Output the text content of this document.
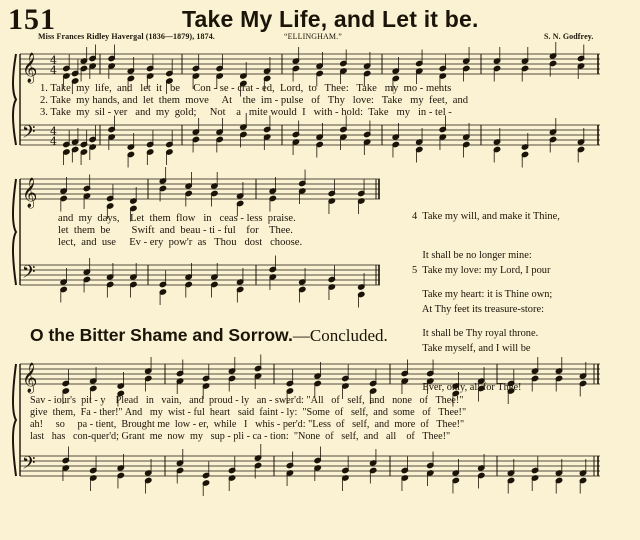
𝄞
𝄢
4
4
4
4
𝄞
𝄢
𝄞
𝄢
151	Take My Life, and Let it be.
Miss Frances Ridley Havergal (1836—1879), 1874.	“ELLINGHAM.”	S. N. Godfrey.
1. Take  my  life,  and   let  it   be     Con - se - crat - ed,  Lord,  to   Thee:   Take   my  mo - ments
2. Take  my hands, and  let  them  move     At    the  im - pulse   of   Thy   love:   Take   my  feet,  and
3. Take  my  sil - ver   and  my  gold;     Not    a   mite would  I   with - hold:  Take   my   in - tel -
and  my  days,    Let  them  flow   in   ceas - less  praise.
let  them  be        Swift  and  beau - ti - ful    for    Thee.
lect,  and  use     Ev - ery  pow'r  as   Thou   dost   choose.

4  Take my will, and make it Thine,

It shall be no longer mine:

Take my heart: it is Thine own;

It shall be Thy royal throne.

5  Take my love: my Lord, I pour

At Thy feet its treasure-store:

Take myself, and I will be

Ever, only, all for Thee!

O the Bitter Shame and Sorrow.—Concluded.
Sav - iour's  pit - y    Plead   in   vain,   and  proud - ly   an - swer'd: "All   of   self,  and   none   of   Thee!"
give  them,  Fa - ther!" And   my  wist - ful  heart   said  faint - ly:  "Some  of   self,  and  some   of   Thee!"
ah!     so     pa - tient,  Brought me  low - er,  while   I   whis - per'd: "Less  of   self,  and  more  of   Thee!"
last   has   con-quer'd; Grant  me  now  my   sup - pli - ca - tion:  "None  of   self,  and   all    of   Thee!"
